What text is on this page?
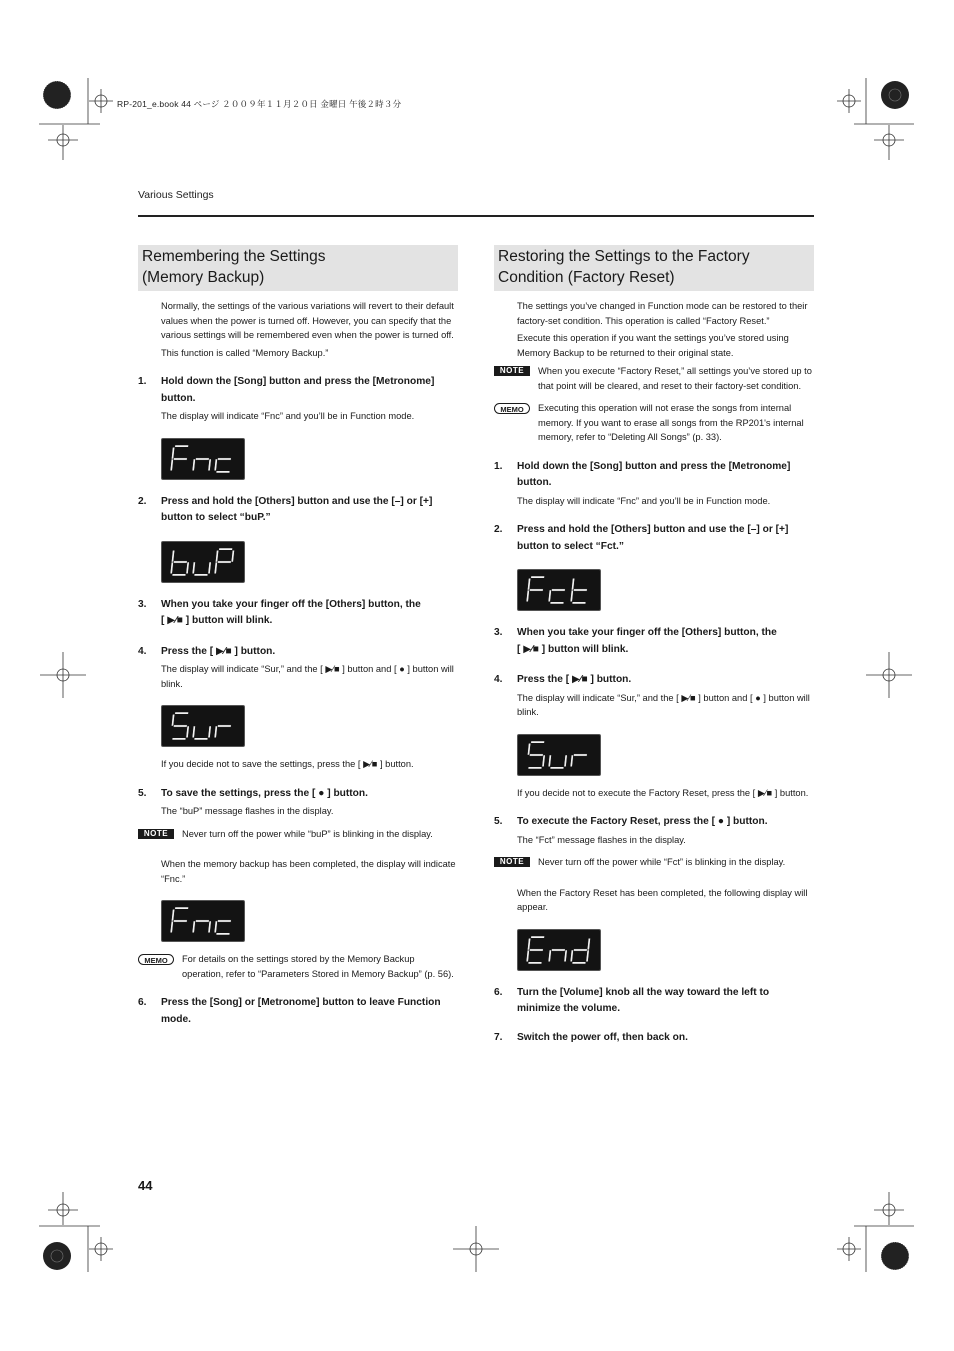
RP-201_e.book 44 ページ ２００９年１１月２０日 金曜日 午後２時３分
Various Settings
Remembering the Settings
(Memory Backup)
Normally, the settings of the various variations will revert to their default values when the power is turned off. However, you can specify that the various settings will be remembered even when the power is turned off.
This function is called “Memory Backup.”
1.	Hold down the [Song] button and press the [Metronome] button.
The display will indicate “Fnc” and you’ll be in Function mode.
2.	Press and hold the [Others] button and use the [–] or [+] button to select “buP.”
3.	When you take your finger off the [Others] button, the
[ ▶⁄■ ] button will blink.
4.	Press the [ ▶⁄■ ] button.
The display will indicate “Sur,” and the [ ▶⁄■ ] button and [ ● ] button will blink.
If you decide not to save the settings, press the [ ▶⁄■ ] button.
5.	To save the settings, press the [ ● ] button.
The “buP” message flashes in the display.
NOTE	Never turn off the power while “buP” is blinking in the display.
When the memory backup has been completed, the display will indicate “Fnc.”
MEMO	For details on the settings stored by the Memory Backup operation, refer to “Parameters Stored in Memory Backup” (p. 56).
6.	Press the [Song] or [Metronome] button to leave Function mode.
Restoring the Settings to the Factory
Condition (Factory Reset)
The settings you’ve changed in Function mode can be restored to their factory-set condition. This operation is called “Factory Reset.”
Execute this operation if you want the settings you’ve stored using Memory Backup to be returned to their original state.
NOTE	When you execute “Factory Reset,” all settings you’ve stored up to that point will be cleared, and reset to their factory-set condition.
MEMO	Executing this operation will not erase the songs from internal memory. If you want to erase all songs from the RP201's internal memory, refer to “Deleting All Songs” (p. 33).
1.	Hold down the [Song] button and press the [Metronome] button.
The display will indicate “Fnc” and you’ll be in Function mode.
2.	Press and hold the [Others] button and use the [–] or [+] button to select “Fct.”
3.	When you take your finger off the [Others] button, the
[ ▶⁄■ ] button will blink.
4.	Press the [ ▶⁄■ ] button.
The display will indicate “Sur,” and the [ ▶⁄■ ] button and [ ● ] button will blink.
If you decide not to execute the Factory Reset, press the [ ▶⁄■ ] button.
5.	To execute the Factory Reset, press the [ ● ] button.
The “Fct” message flashes in the display.
NOTE	Never turn off the power while “Fct” is blinking in the display.
When the Factory Reset has been completed, the following display will appear.
6.	Turn the [Volume] knob all the way toward the left to minimize the volume.
7.	Switch the power off, then back on.
44
